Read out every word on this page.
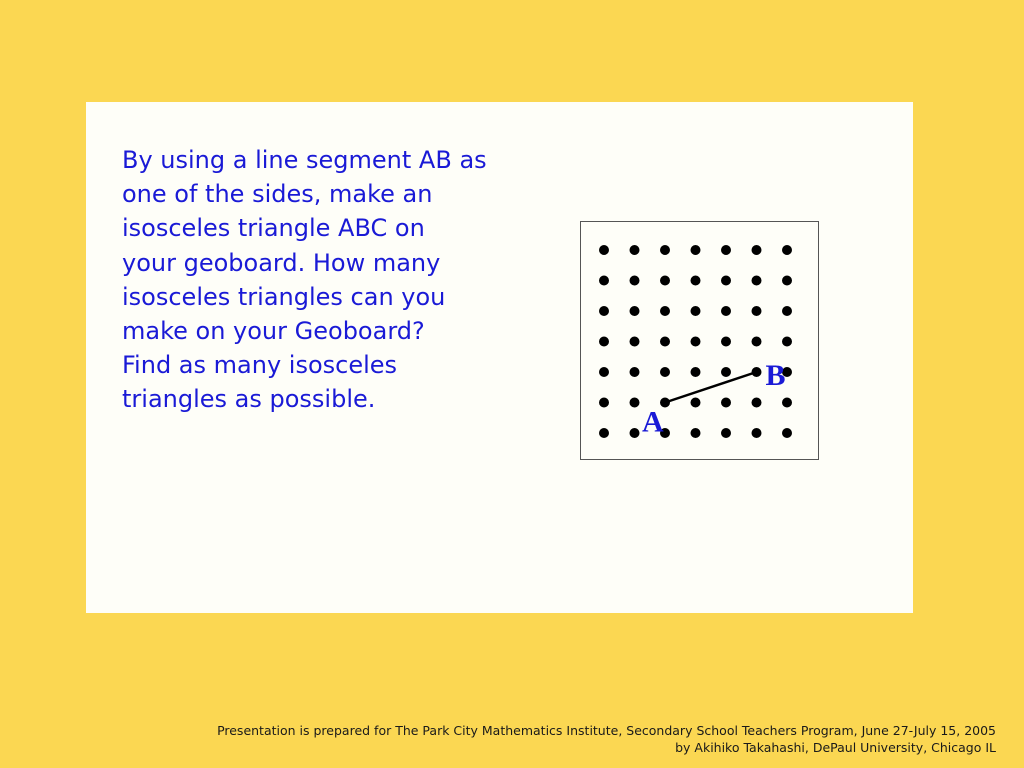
By using a line segment AB as
one of the sides, make an
isosceles triangle ABC on
your geoboard. How many
isosceles triangles can you
make on your Geoboard?
Find as many isosceles
triangles as possible.

A
B
Presentation is prepared for The Park City Mathematics Institute, Secondary School Teachers Program, June 27-July 15, 2005
by Akihiko Takahashi, DePaul University, Chicago IL
